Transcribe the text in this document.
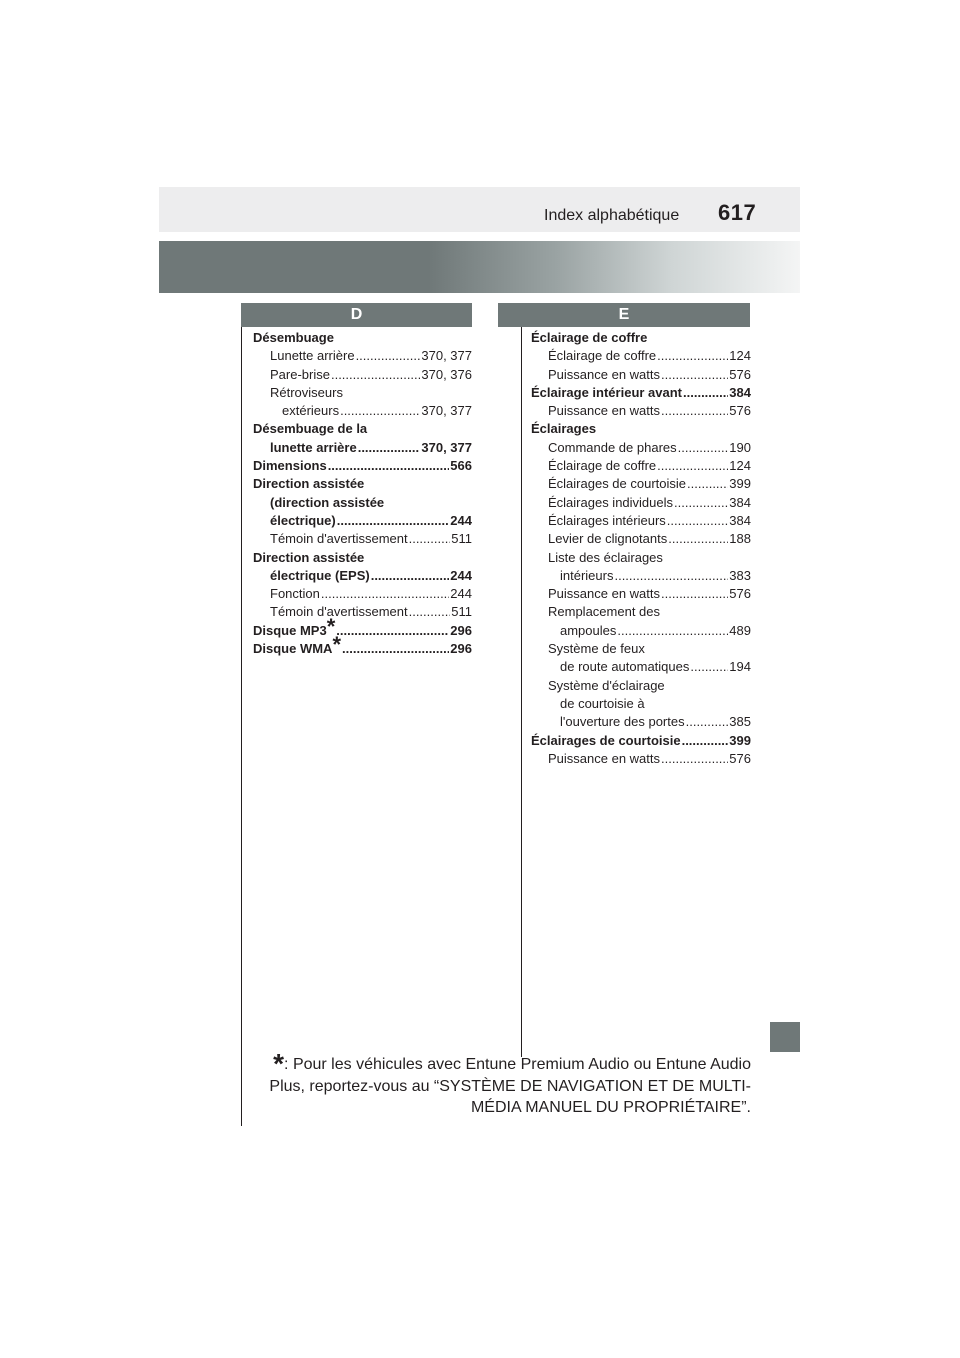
Index alphabétique 617
D	E
Désembuage
Lunette arrière .....	370, 377
Pare-brise .....	370, 376
Rétroviseurs
extérieurs .....	370, 377
Désembuage de la
lunette arrière .....	370, 377
Dimensions .....	566
Direction assistée
(direction assistée
électrique) .....	244
Témoin d'avertissement .....	511
Direction assistée
électrique (EPS) .....	244
Fonction .....	244
Témoin d'avertissement .....	511
Disque MP3* .....	296
Disque WMA* .....	296
Éclairage de coffre
Éclairage de coffre .....	124
Puissance en watts .....	576
Éclairage intérieur avant .....	384
Puissance en watts .....	576
Éclairages
Commande de phares .....	190
Éclairage de coffre .....	124
Éclairages de courtoisie .....	399
Éclairages individuels .....	384
Éclairages intérieurs .....	384
Levier de clignotants .....	188
Liste des éclairages
intérieurs .....	383
Puissance en watts .....	576
Remplacement des
ampoules .....	489
Système de feux
de route automatiques .....	194
Système d'éclairage
de courtoisie à
l'ouverture des portes .....	385
Éclairages de courtoisie .....	399
Puissance en watts .....	576
*: Pour les véhicules avec Entune Premium Audio ou Entune Audio
Plus, reportez-vous au “SYSTÈME DE NAVIGATION ET DE MULTI-
MÉDIA MANUEL DU PROPRIÉTAIRE”.
